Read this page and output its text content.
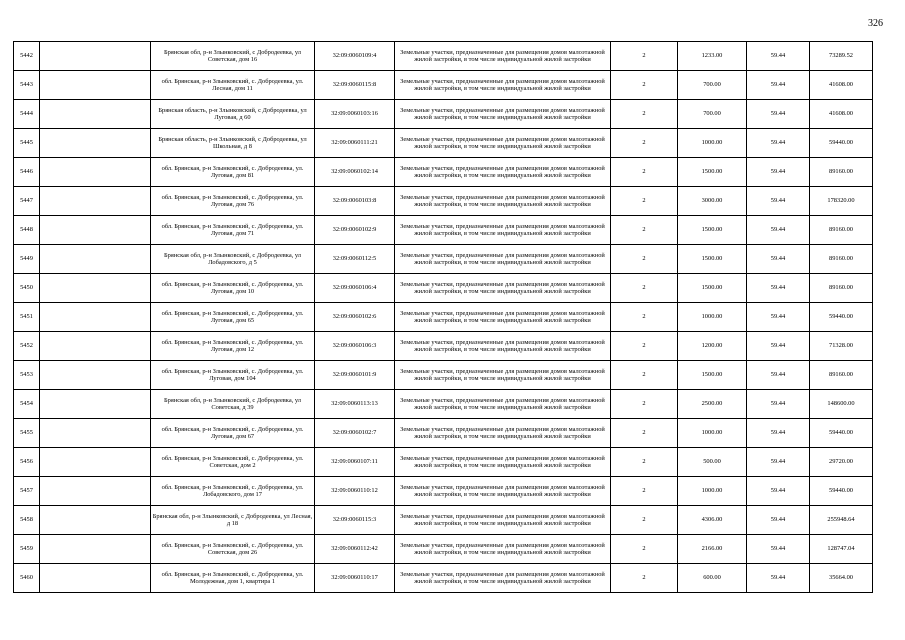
326
5442		Брянская обл, р-н Злынковский, с Добродеевка, ул Советская, дом 16	32:09:0060109:4	Земельные участки, предназначенные для размещения домов малоэтажной жилой застройки, в том числе индивидуальной жилой застройки	2	1233.00	59.44	73289.52
5443		обл. Брянская, р-н Злынковский, с. Добродеевка, ул. Лесная, дом 11	32:09:0060115:8	Земельные участки, предназначенные для размещения домов малоэтажной жилой застройки, в том числе индивидуальной жилой застройки	2	700.00	59.44	41608.00
5444		Брянская область, р-н Злынковский, с Добродеевка, ул Луговая, д 60	32:09:0060103:16	Земельные участки, предназначенные для размещения домов малоэтажной жилой застройки, в том числе индивидуальной жилой застройки	2	700.00	59.44	41608.00
5445		Брянская область, р-н Злынковский, с Добродеевка, ул Школьная, д 8	32:09:0060111:21	Земельные участки, предназначенные для размещения домов малоэтажной жилой застройки, в том числе индивидуальной жилой застройки	2	1000.00	59.44	59440.00
5446		обл. Брянская, р-н Злынковский, с. Добродеевка, ул. Луговая, дом 81	32:09:0060102:14	Земельные участки, предназначенные для размещения домов малоэтажной жилой застройки, в том числе индивидуальной жилой застройки	2	1500.00	59.44	89160.00
5447		обл. Брянская, р-н Злынковский, с. Добродеевка, ул. Луговая, дом 76	32:09:0060103:8	Земельные участки, предназначенные для размещения домов малоэтажной жилой застройки, в том числе индивидуальной жилой застройки	2	3000.00	59.44	178320.00
5448		обл. Брянская, р-н Злынковский, с. Добродеевка, ул. Луговая, дом 71	32:09:0060102:9	Земельные участки, предназначенные для размещения домов малоэтажной жилой застройки, в том числе индивидуальной жилой застройки	2	1500.00	59.44	89160.00
5449		Брянская обл, р-н Злынковский, с Добродеевка, ул Лобадовского, д 5	32:09:0060112:5	Земельные участки, предназначенные для размещения домов малоэтажной жилой застройки, в том числе индивидуальной жилой застройки	2	1500.00	59.44	89160.00
5450		обл. Брянская, р-н Злынковский, с. Добродеевка, ул. Луговая, дом 10	32:09:0060106:4	Земельные участки, предназначенные для размещения домов малоэтажной жилой застройки, в том числе индивидуальной жилой застройки	2	1500.00	59.44	89160.00
5451		обл. Брянская, р-н Злынковский, с. Добродеевка, ул. Луговая, дом 65	32:09:0060102:6	Земельные участки, предназначенные для размещения домов малоэтажной жилой застройки, в том числе индивидуальной жилой застройки	2	1000.00	59.44	59440.00
5452		обл. Брянская, р-н Злынковский, с. Добродеевка, ул. Луговая, дом 12	32:09:0060106:3	Земельные участки, предназначенные для размещения домов малоэтажной жилой застройки, в том числе индивидуальной жилой застройки	2	1200.00	59.44	71328.00
5453		обл. Брянская, р-н Злынковский, с. Добродеевка, ул. Луговая, дом 104	32:09:0060101:9	Земельные участки, предназначенные для размещения домов малоэтажной жилой застройки, в том числе индивидуальной жилой застройки	2	1500.00	59.44	89160.00
5454		Брянская обл, р-н Злынковский, с Добродеевка, ул Советская, д 39	32:09:0060113:13	Земельные участки, предназначенные для размещения домов малоэтажной жилой застройки, в том числе индивидуальной жилой застройки	2	2500.00	59.44	148600.00
5455		обл. Брянская, р-н Злынковский, с. Добродеевка, ул. Луговая, дом 67	32:09:0060102:7	Земельные участки, предназначенные для размещения домов малоэтажной жилой застройки, в том числе индивидуальной жилой застройки	2	1000.00	59.44	59440.00
5456		обл. Брянская, р-н Злынковский, с. Добродеевка, ул. Советская, дом 2	32:09:0060107:11	Земельные участки, предназначенные для размещения домов малоэтажной жилой застройки, в том числе индивидуальной жилой застройки	2	500.00	59.44	29720.00
5457		обл. Брянская, р-н Злынковский, с. Добродеевка, ул. Лобадовского, дом 17	32:09:0060110:12	Земельные участки, предназначенные для размещения домов малоэтажной жилой застройки, в том числе индивидуальной жилой застройки	2	1000.00	59.44	59440.00
5458		Брянская обл, р-н Злынковский, с Добродеевка, ул Лесная, д 18	32:09:0060115:3	Земельные участки, предназначенные для размещения домов малоэтажной жилой застройки, в том числе индивидуальной жилой застройки	2	4306.00	59.44	255948.64
5459		обл. Брянская, р-н Злынковский, с. Добродеевка, ул. Советская, дом 26	32:09:0060112:42	Земельные участки, предназначенные для размещения домов малоэтажной жилой застройки, в том числе индивидуальной жилой застройки	2	2166.00	59.44	128747.04
5460		обл. Брянская, р-н Злынковский, с. Добродеевка, ул. Молодежная, дом 1, квартира 1	32:09:0060110:17	Земельные участки, предназначенные для размещения домов малоэтажной жилой застройки, в том числе индивидуальной жилой застройки	2	600.00	59.44	35664.00
